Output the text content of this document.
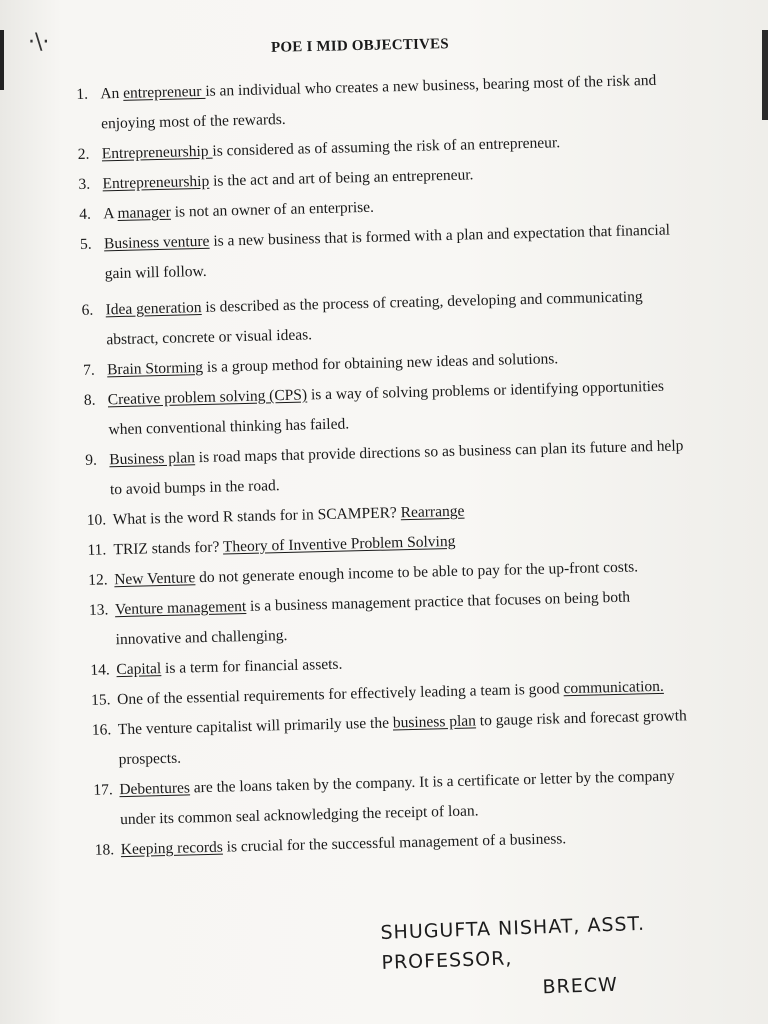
·\·	POE I MID OBJECTIVES
1. An entrepreneur is an individual who creates a new business, bearing most of the risk and enjoying most of the rewards.
2. Entrepreneurship is considered as of assuming the risk of an entrepreneur.
3. Entrepreneurship is the act and art of being an entrepreneur.
4. A manager is not an owner of an enterprise.
5. Business venture is a new business that is formed with a plan and expectation that financial gain will follow.
6. Idea generation is described as the process of creating, developing and communicating abstract, concrete or visual ideas.
7. Brain Storming is a group method for obtaining new ideas and solutions.
8. Creative problem solving (CPS) is a way of solving problems or identifying opportunities when conventional thinking has failed.
9. Business plan is road maps that provide directions so as business can plan its future and help to avoid bumps in the road.
10. What is the word R stands for in SCAMPER? Rearrange
11. TRIZ stands for? Theory of Inventive Problem Solving
12. New Venture do not generate enough income to be able to pay for the up-front costs.
13. Venture management is a business management practice that focuses on being both innovative and challenging.
14. Capital is a term for financial assets.
15. One of the essential requirements for effectively leading a team is good communication.
16. The venture capitalist will primarily use the business plan to gauge risk and forecast growth prospects.
17. Debentures are the loans taken by the company. It is a certificate or letter by the company under its common seal acknowledging the receipt of loan.
18. Keeping records is crucial for the successful management of a business.
SHUGUFTA NISHAT, ASST. PROFESSOR,
BRECW
